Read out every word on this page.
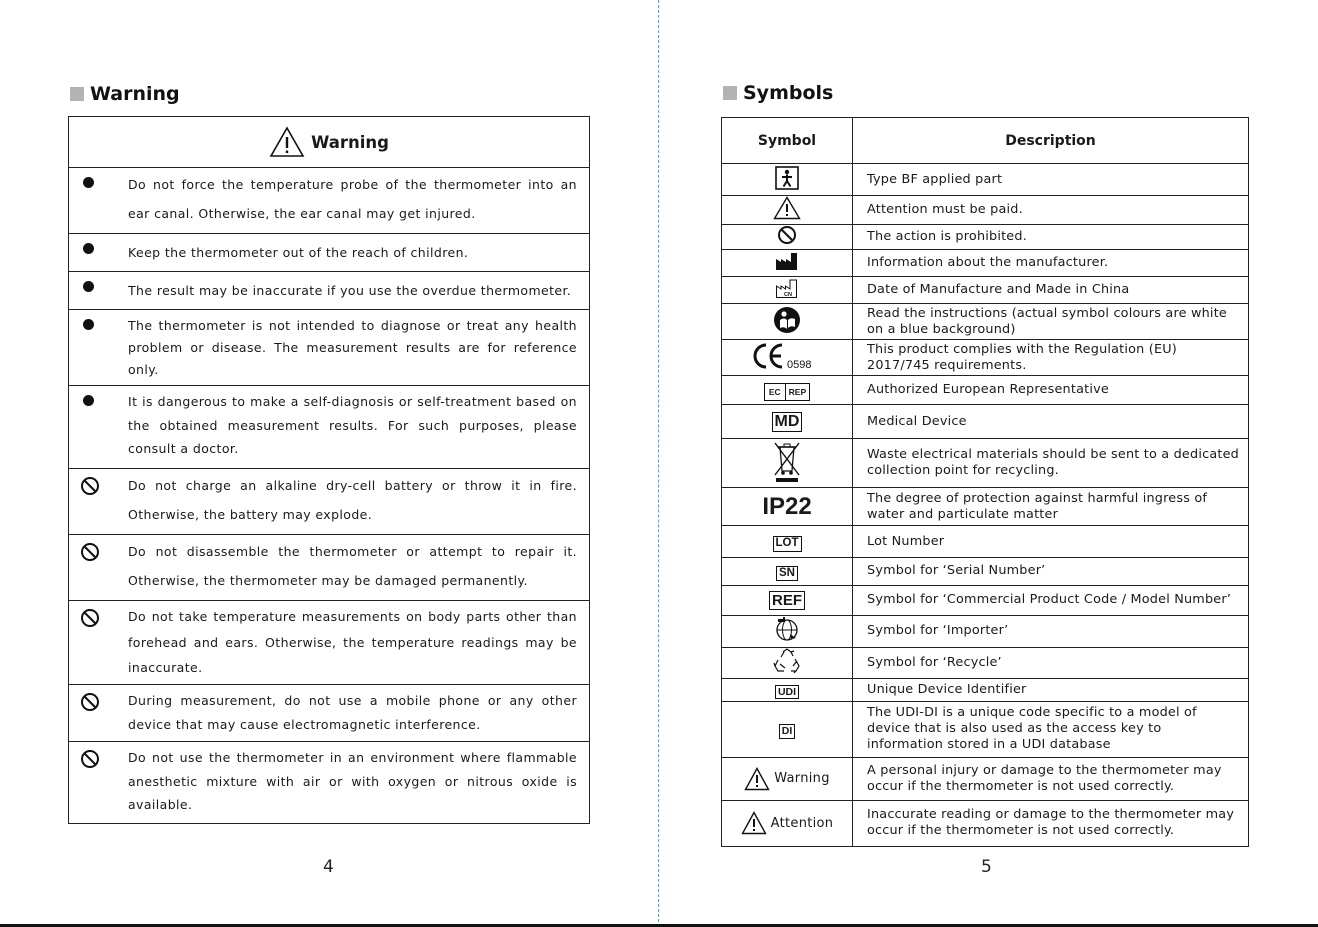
Warning
Warning
Do not force the temperature probe of the thermometer into an ear canal. Otherwise, the ear canal may get injured.
Keep the thermometer out of the reach of children.
The result may be inaccurate if you use the overdue thermometer.
The thermometer is not intended to diagnose or treat any health problem or disease. The measurement results are for reference only.
It is dangerous to make a self-diagnosis or self-treatment based on the obtained measurement results. For such purposes, please consult a doctor.
Do not charge an alkaline dry-cell battery or throw it in fire. Otherwise, the battery may explode.
Do not disassemble the thermometer or attempt to repair it. Otherwise, the thermometer may be damaged permanently.
Do not take temperature measurements on body parts other than forehead and ears. Otherwise, the temperature readings may be inaccurate.
During measurement, do not use a mobile phone or any other device that may cause electromagnetic interference.
Do not use the thermometer in an environment where flammable anesthetic mixture with air or with oxygen or nitrous oxide is available.
4
Symbols
Symbol	Description
	Type BF applied part
	Attention must be paid.
	The action is prohibited.
	Information about the manufacturer.

CN	Date of Manufacture and Made in China
	Read the instructions (actual symbol colours are white on a blue background)

0598	This product complies with the Regulation (EU) 2017/745 requirements.

EC REP	Authorized European Representative
MD	Medical Device
	Waste electrical materials should be sent to a dedicated collection point for recycling.
IP22	The degree of protection against harmful ingress of water and particulate matter
LOT	Lot Number
SN	Symbol for ‘Serial Number’
REF	Symbol for ‘Commercial Product Code / Model Number’
	Symbol for ‘Importer’
	Symbol for ‘Recycle’
UDI	Unique Device Identifier
DI	The UDI-DI is a unique code specific to a model of device that is also used as the access key to information stored in a UDI database
Warning	A personal injury or damage to the thermometer may occur if the thermometer is not used correctly.
Attention	Inaccurate reading or damage to the thermometer may occur if the thermometer is not used correctly.
5
